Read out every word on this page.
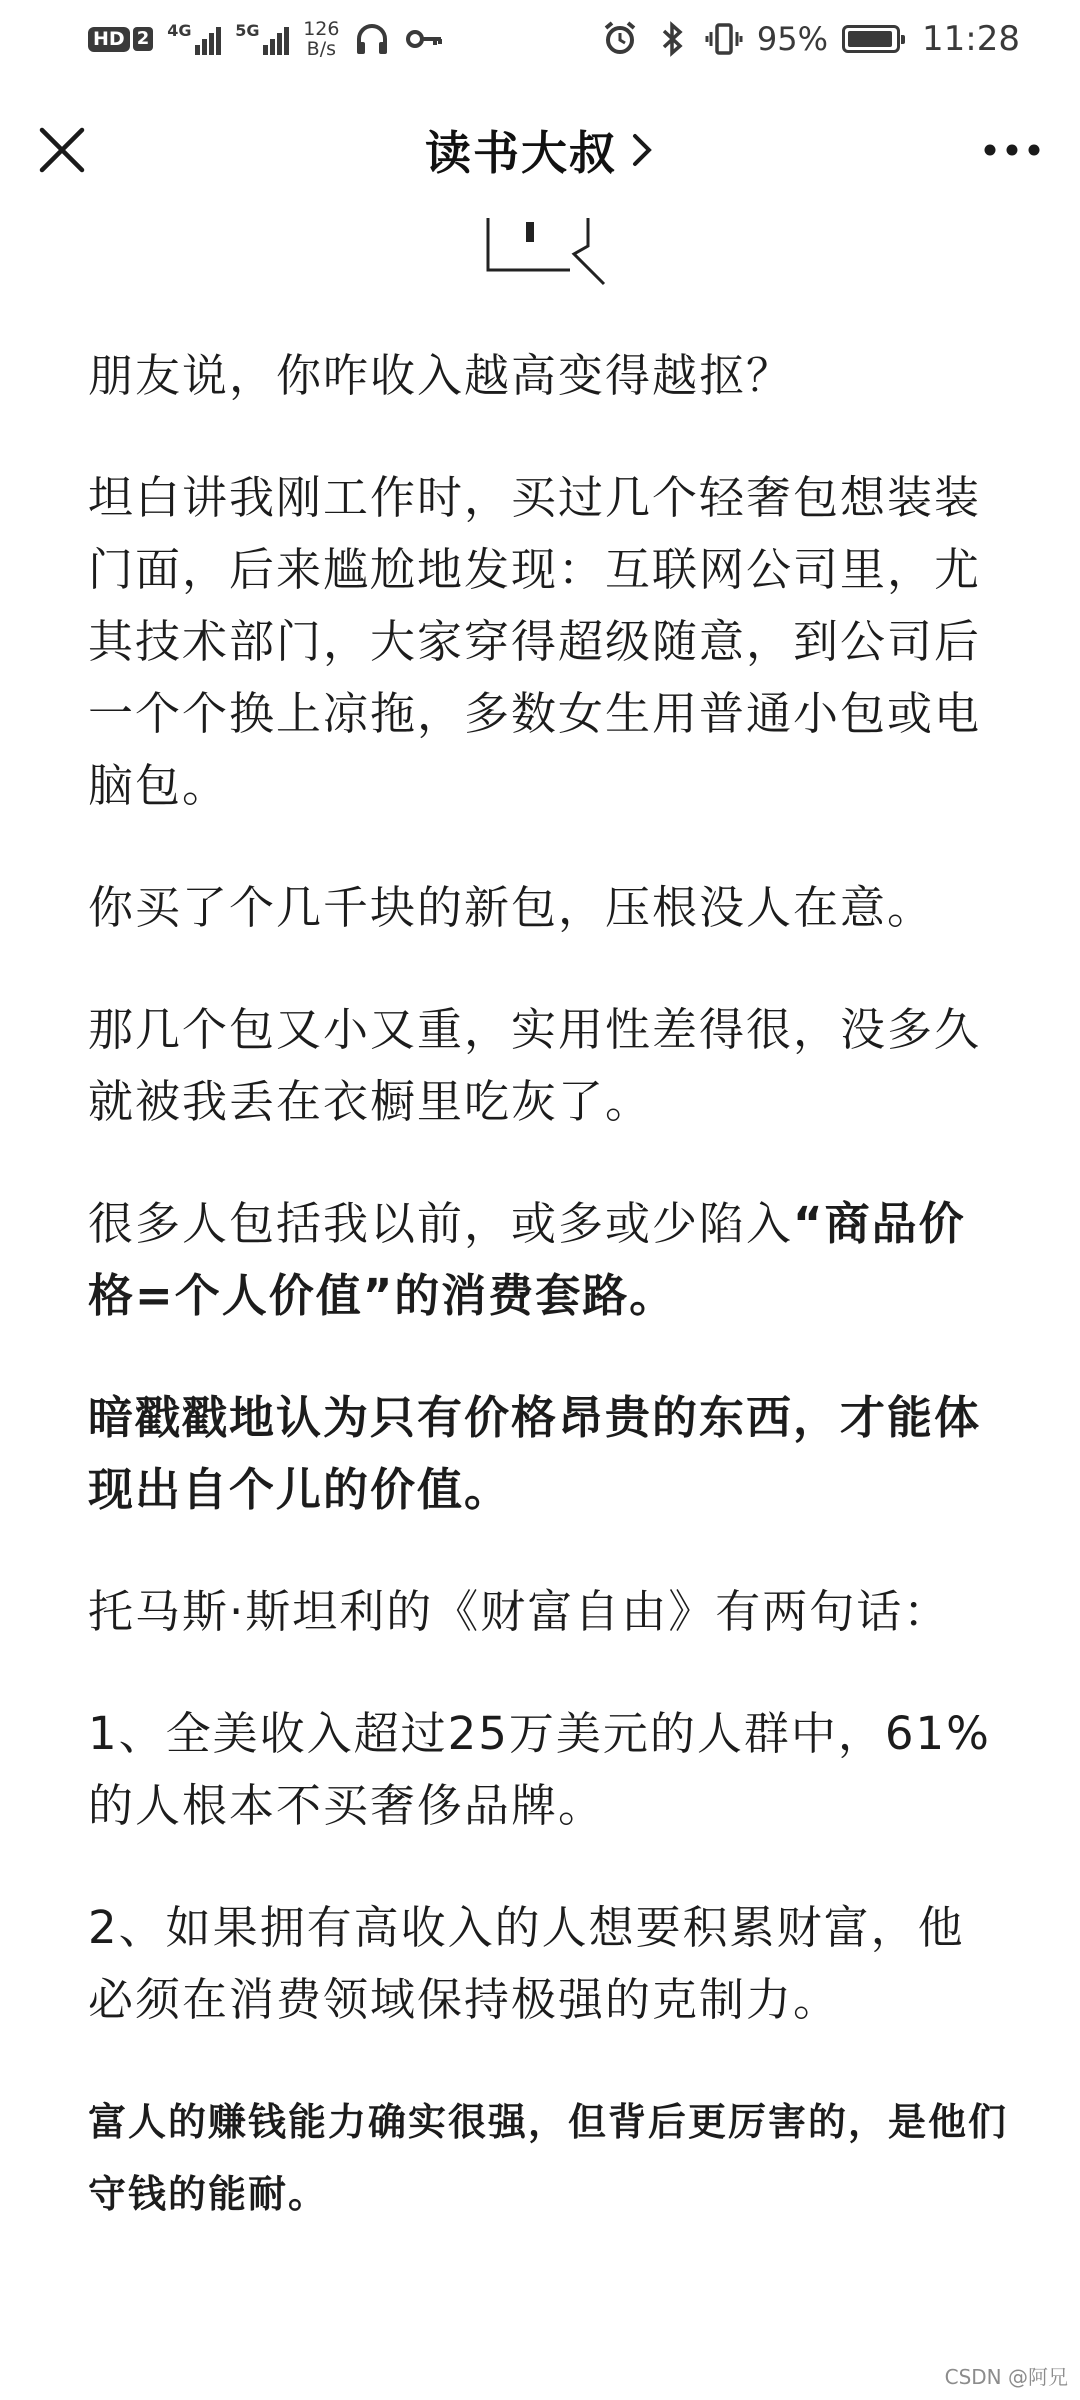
HD 2 4G	5G 126
B/s	95%	11:28
读书大叔

朋友说，你咋收入越高变得越抠？

坦白讲我刚工作时，买过几个轻奢包想装装门面，后来尴尬地发现：互联网公司里，尤其技术部门，大家穿得超级随意，到公司后一个个换上凉拖，多数女生用普通小包或电脑包。

你买了个几千块的新包，压根没人在意。

那几个包又小又重，实用性差得很，没多久就被我丢在衣橱里吃灰了。

很多人包括我以前，或多或少陷入“商品价格=个人价值”的消费套路。

暗戳戳地认为只有价格昂贵的东西，才能体现出自个儿的价值。

托马斯·斯坦利的《财富自由》有两句话：

1、全美收入超过25万美元的人群中，61%的人根本不买奢侈品牌。

2、如果拥有高收入的人想要积累财富，他必须在消费领域保持极强的克制力。

富人的赚钱能力确实很强，但背后更厉害的，是他们守钱的能耐。

CSDN @阿兄
